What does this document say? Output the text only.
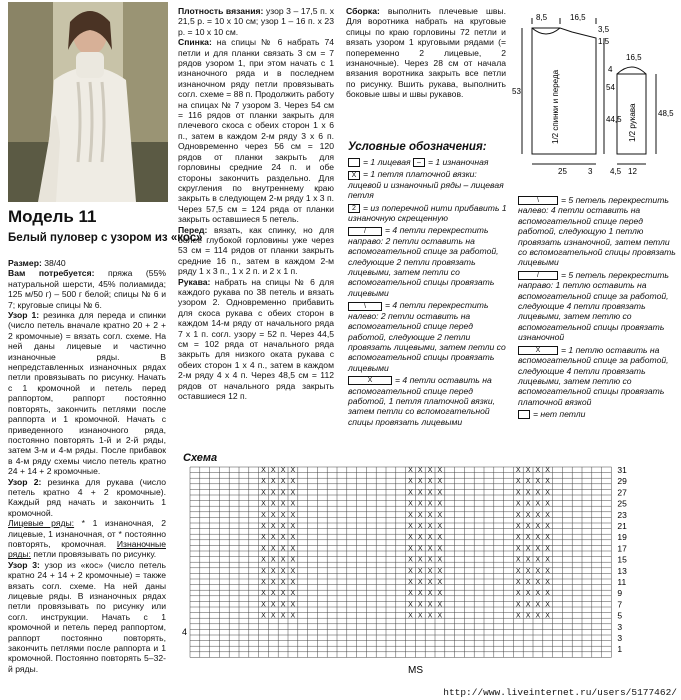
Модель 11
Белый пуловер с узором из «кос»

Размер: 38/40

Вам потребуется: пряжа (55% натуральной шерсти, 45% полиамида; 125 м/50 г) – 500 г белой; спицы № 6 и 7; круговые спицы № 6.

Узор 1: резинка для переда и спинки (число петель вначале кратно 20 + 2 + 2 кромочные) = вязать согл. схеме. На ней даны лицевые и частично изнаночные ряды. В непредставленных изнаночных рядах петли провязывать по рисунку. Начать с 1 кромочной и петель перед раппортом, раппорт постоянно повторять, закончить петлями после раппорта и 1 кромочной. Начать с приведенного изнаночного ряда, постоянно повторять 1-й и 2-й ряды, затем 3-м и 4-м ряды. После прибавок в 4-м ряду схемы число петель кратно 24 + 14 + 2 кромочные.

Узор 2: резинка для рукава (число петель кратно 4 + 2 кромочные). Каждый ряд начать и закончить 1 кромочной.

Лицевые ряды: * 1 изнаночная, 2 лицевые, 1 изнаночная, от * постоянно повторять, кромочная. Изнаночные ряды: петли провязывать по рисунку.

Узор 3: узор из «кос» (число петель кратно 24 + 14 + 2 кромочные) = также вязать согл. схеме. На ней даны лицевые ряды. В изнаночных рядах петли провязывать по рисунку или согл. инструкции. Начать с 1 кромочной и петель перед раппортом, раппорт постоянно повторять, закончить петлями после раппорта и 1 кромочной. Постоянно повторять 5–32-й ряды.

Плотность вязания: узор 3 – 17,5 п. x 21,5 р. = 10 x 10 см; узор 1 – 16 п. x 23 р. = 10 x 10 см.

Спинка: на спицы № 6 набрать 74 петли и для планки связать 3 см = 7 рядов узором 1, при этом начать с 1 изнаночного ряда и в последнем изнаночном ряду петли провязывать согл. схеме = 88 п. Продолжить работу на спицах № 7 узором 3. Через 54 см = 116 рядов от планки закрыть для плечевого скоса с обеих сторон 1 x 6 п., затем в каждом 2-м ряду 3 x 6 п. Одновременно через 56 см = 120 рядов от планки закрыть для горловины средние 24 п. и обе стороны закончить раздельно. Для скругления по внутреннему краю закрыть в следующем 2-м ряду 1 x 3 п. Через 57,5 см = 124 ряда от планки закрыть оставшиеся 5 петель.

Перед: вязать, как спинку, но для более глубокой горловины уже через 53 см = 114 рядов от планки закрыть средние 16 п., затем в каждом 2-м ряду 1 x 3 п., 1 x 2 п. и 2 x 1 п.

Рукава: набрать на спицы № 6 для каждого рукава по 38 петель и вязать узором 2. Одновременно прибавить для скоса рукава с обеих сторон в каждом 14-м ряду от начального ряда 7 x 1 п. согл. узору = 52 п. Через 44,5 см = 102 ряда от начального ряда закрыть для низкого оката рукава с обеих сторон 1 x 4 п., затем в каждом 2-м ряду 4 x 4 п. Через 48,5 см = 112 рядов от начального ряда закрыть оставшиеся 12 п.

Сборка: выполнить плечевые швы. Для воротника набрать на круговые спицы по краю горловины 72 петли и вязать узором 1 круговыми рядами (= попеременно 2 лицевые, 2 изнаночные). Через 28 см от начала вязания воротника закрыть все петли по рисунку. Вшить рукава, выполнить боковые швы и швы рукавов.

8,5	16,5
3,5
1,5
53	54
25	3
16,5
4
44,5
48,5
4,5 12
1/2 спинки и переда	1/2 рукава
Условные обозначения:
= 1 лицевая – = 1 изнаночная
X = 1 петля платочной вязки: лицевой и изнаночный ряды – лицевая петля
2 = из поперечной нити прибавить 1 изнаночную скрещенную
/ = 4 петли перекрестить направо: 2 петли оставить на вспомогательной спице за работой, следующие 2 петли провязать лицевыми, затем петли со вспомогательной спицы провязать лицевыми
\ = 4 петли перекрестить налево: 2 петли оставить на вспомогательной спице перед работой, следующие 2 петли провязать лицевыми, затем петли со вспомогательной спицы провязать лицевыми
X	= 4 петли оставить на вспомогательной спице перед работой, 1 петля платочной вязки, затем петли со вспомогательной спицы провязать лицевыми
\	= 5 петель перекрестить налево: 4 петли оставить на вспомогательной спице перед работой, следующую 1 петлю провязать изнаночной, затем петли со вспомогательной спицы провязать лицевыми
/	= 5 петель перекрестить направо: 1 петлю оставить на вспомогательной спице за работой, следующие 4 петли провязать лицевыми, затем петлю со вспомогательной спицы провязать изнаночной
X = 1 петлю оставить на вспомогательной спице за работой, следующие 4 петли провязать лицевыми, затем петлю со вспомогательной спицы провязать платочной вязкой
= нет петли
Схема
X X X X	X X X X	X X X X
X X X X	X X X X	X X X X
X X X X	X X X X	X X X X
X X X X	X X X X	X X X X
X X X X	X X X X	X X X X
X X X X	X X X X	X X X X
X X X X	X X X X	X X X X
X X X X	X X X X	X X X X
X X X X	X X X X	X X X X
X X X X	X X X X	X X X X
X X X X	X X X X	X X X X
X X X X	X X X X	X X X X
X X X X	X X X X	X X X X
X X X X	X X X X	X X X X
31
29
27
25
23
21
19
17
15
13
11
9
7
5
3
3
1
4
MS
http://www.liveinternet.ru/users/5177462/
